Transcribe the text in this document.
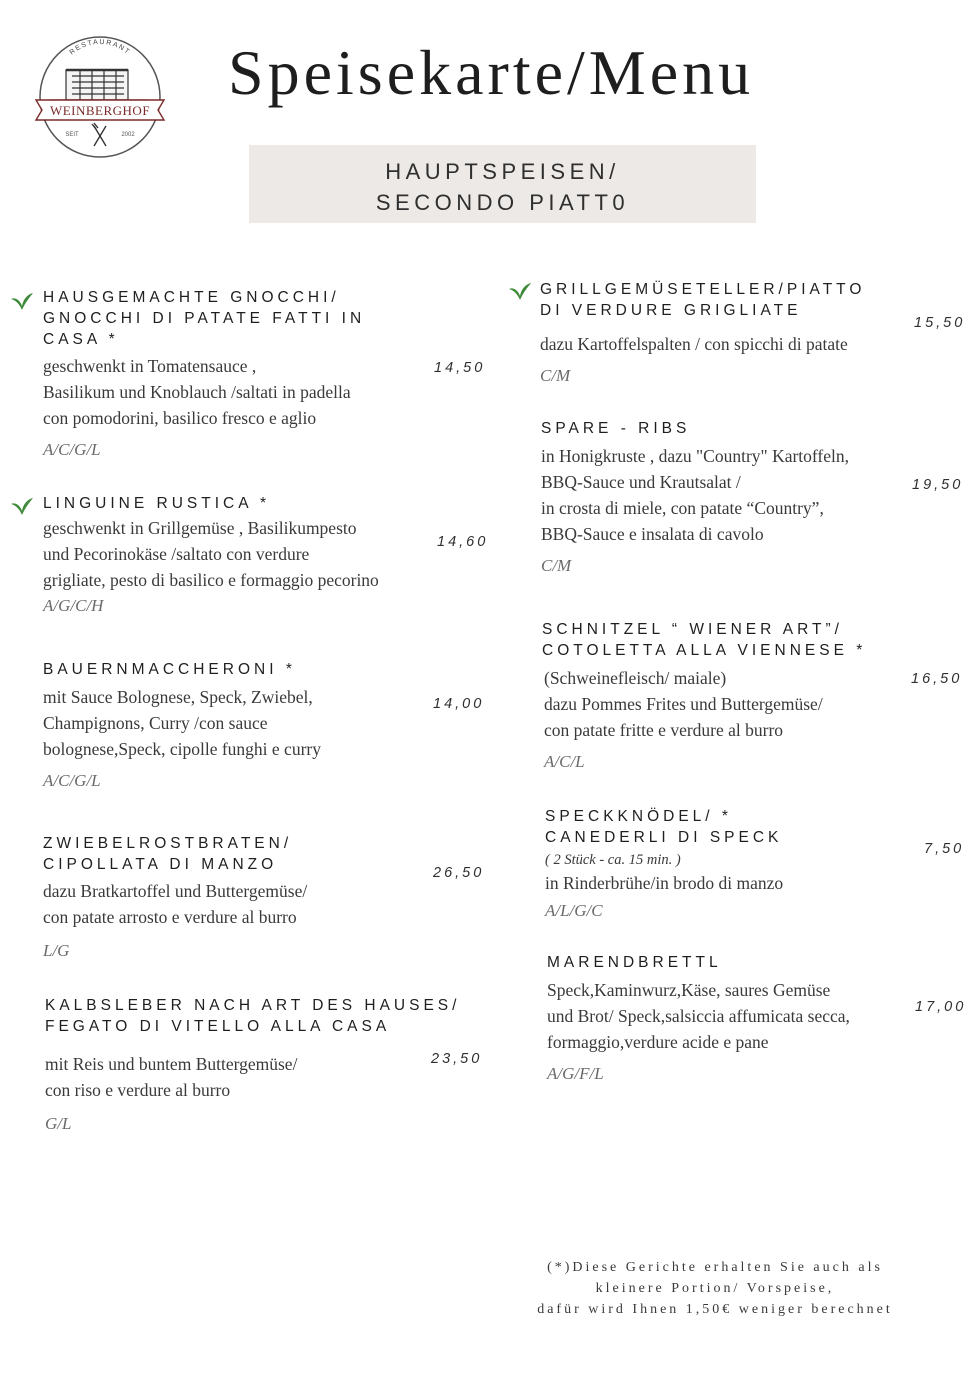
RESTAURANT
WEINBERGHOF
SEIT	2002
Speisekarte/Menu
HAUPTSPEISEN/
SECONDO PIATT0
HAUSGEMACHTE GNOCCHI/
GNOCCHI DI PATATE FATTI IN
CASA *
geschwenkt in Tomatensauce ,
Basilikum und Knoblauch /saltati in padella
con pomodorini, basilico fresco e aglio
A/C/G/L
14,50
LINGUINE RUSTICA *
geschwenkt in Grillgemüse , Basilikumpesto
und Pecorinokäse /saltato con verdure
grigliate, pesto di basilico e formaggio pecorino
A/G/C/H
14,60
BAUERNMACCHERONI *
mit Sauce Bolognese, Speck, Zwiebel,
Champignons, Curry /con sauce
bolognese,Speck, cipolle funghi e curry
A/C/G/L
14,00
ZWIEBELROSTBRATEN/
CIPOLLATA DI MANZO
dazu Bratkartoffel und Buttergemüse/
con patate arrosto e verdure al burro
L/G
26,50
KALBSLEBER NACH ART DES HAUSES/
FEGATO DI VITELLO ALLA CASA
mit Reis und buntem Buttergemüse/
con riso e verdure al burro
G/L
23,50
GRILLGEMÜSETELLER/PIATTO
DI VERDURE GRIGLIATE
dazu Kartoffelspalten / con spicchi di patate
C/M
15,50
SPARE - RIBS
in Honigkruste , dazu "Country" Kartoffeln,
BBQ-Sauce und Krautsalat /
in crosta di miele, con patate “Country”,
BBQ-Sauce e insalata di cavolo
C/M
19,50
SCHNITZEL “ WIENER ART”/
COTOLETTA ALLA VIENNESE *
(Schweinefleisch/ maiale)
dazu Pommes Frites und Buttergemüse/
con patate fritte e verdure al burro
A/C/L
16,50
SPECKKNÖDEL/ *
CANEDERLI DI SPECK
( 2 Stück - ca. 15 min. )
in Rinderbrühe/in brodo di manzo
A/L/G/C
7,50
MARENDBRETTL
Speck,Kaminwurz,Käse, saures Gemüse
und Brot/ Speck,salsiccia affumicata secca,
formaggio,verdure acide e pane
A/G/F/L
17,00
(*)Diese Gerichte erhalten Sie auch als
kleinere Portion/ Vorspeise,
dafür wird Ihnen 1,50€ weniger berechnet
